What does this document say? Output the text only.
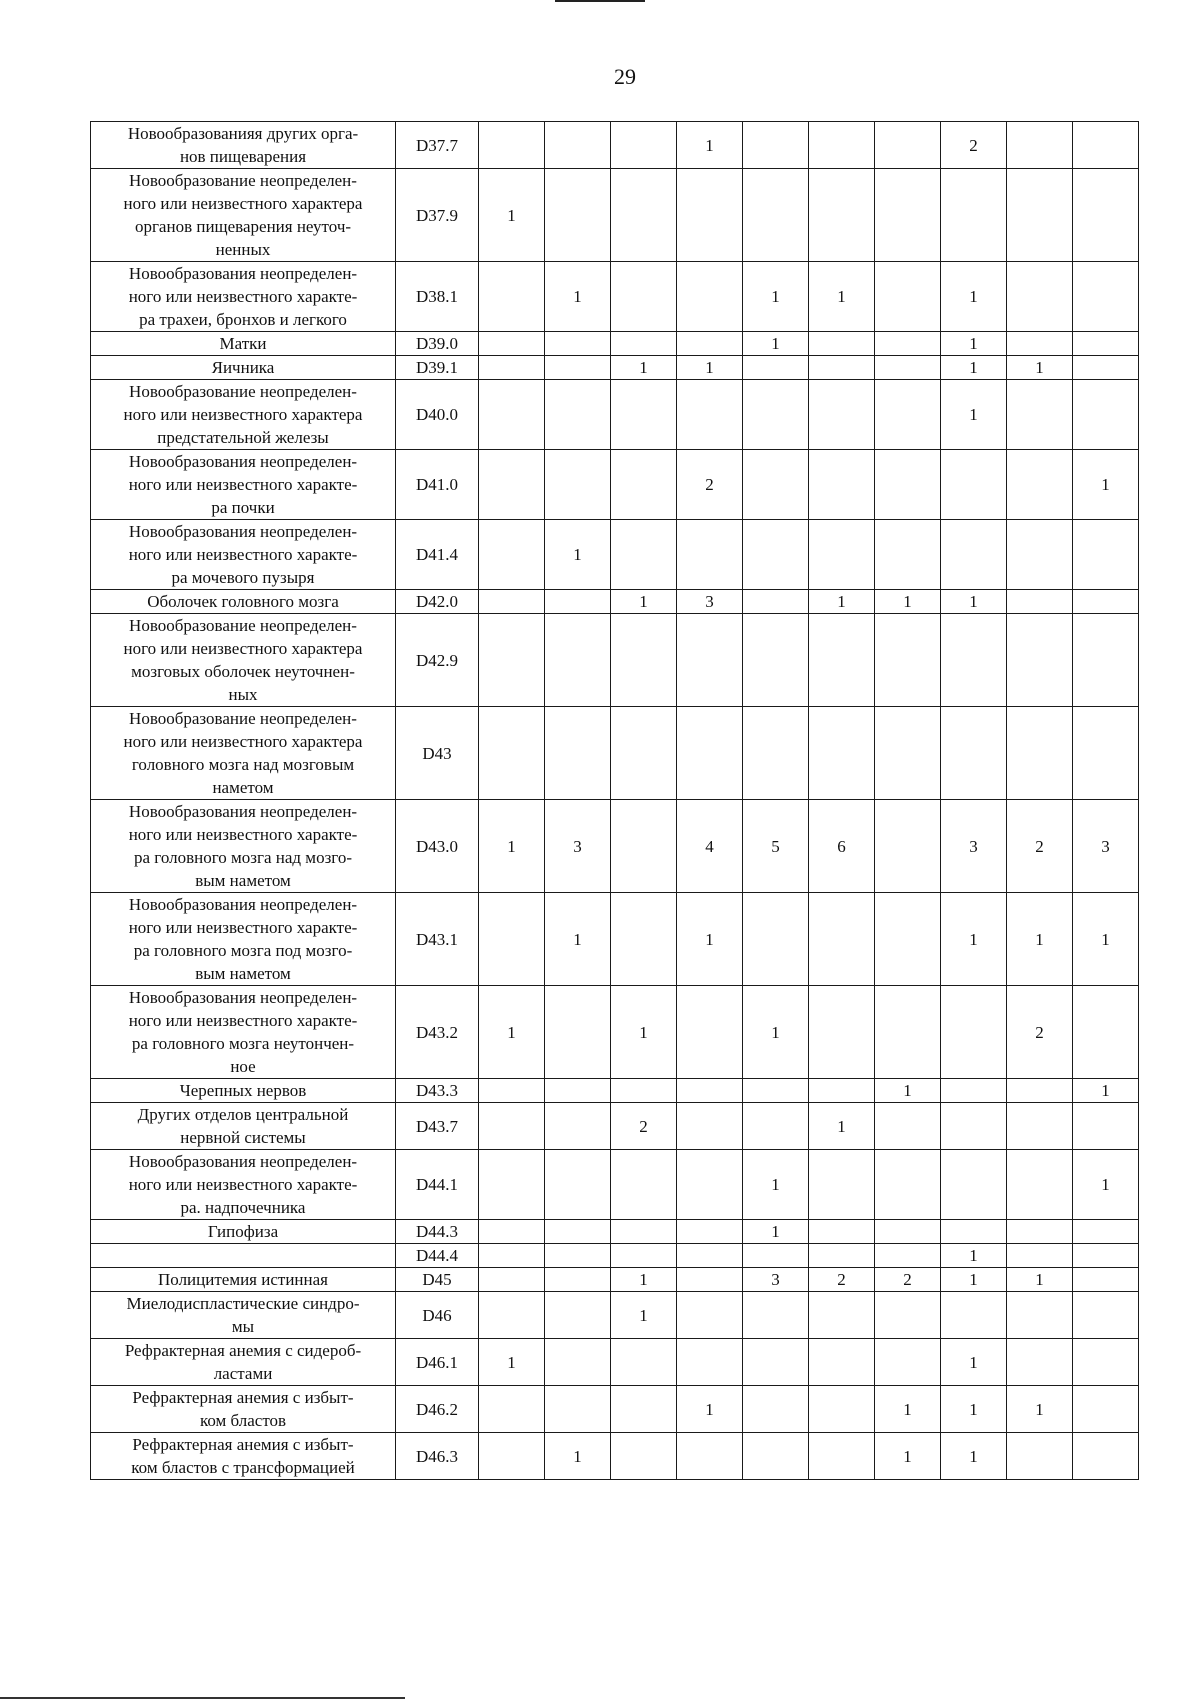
29
Новообразованияя других орга-
нов пищеварения	D37.7				1				2		

Новообразование неопределен-
ного или неизвестного характера
органов пищеварения неуточ-
ненных	D37.9	1									

Новообразования неопределен-
ного или неизвестного характе-
ра трахеи, бронхов и легкого	D38.1		1			1	1		1		

Матки	D39.0					1			1		

Яичника	D39.1			1	1				1	1	

Новообразование неопределен-
ного или неизвестного характера
предстательной железы	D40.0								1		

Новообразования неопределен-
ного или неизвестного характе-
ра почки	D41.0				2						1

Новообразования неопределен-
ного или неизвестного характе-
ра мочевого пузыря	D41.4		1								

Оболочек головного мозга	D42.0			1	3		1	1	1		

Новообразование неопределен-
ного или неизвестного характера
мозговых оболочек неуточнен-
ных	D42.9										

Новообразование неопределен-
ного или неизвестного характера
головного мозга над мозговым
наметом	D43										

Новообразования неопределен-
ного или неизвестного характе-
ра головного мозга над мозго-
вым наметом	D43.0	1	3		4	5	6		3	2	3

Новообразования неопределен-
ного или неизвестного характе-
ра головного мозга под мозго-
вым наметом	D43.1		1		1				1	1	1

Новообразования неопределен-
ного или неизвестного характе-
ра головного мозга неутончен-
ное	D43.2	1		1		1				2	

Черепных нервов	D43.3							1			1

Других отделов центральной
нервной системы	D43.7			2			1				

Новообразования неопределен-
ного или неизвестного характе-
ра. надпочечника	D44.1					1					1

Гипофиза	D44.3					1					

	D44.4								1		

Полицитемия истинная	D45			1		3	2	2	1	1	

Миелодиспластические синдро-
мы	D46			1							

Рефрактерная анемия с сидероб-
ластами	D46.1	1							1		

Рефрактерная анемия с избыт-
ком бластов	D46.2				1			1	1	1	

Рефрактерная анемия с избыт-
ком бластов с трансформацией	D46.3		1					1	1		
